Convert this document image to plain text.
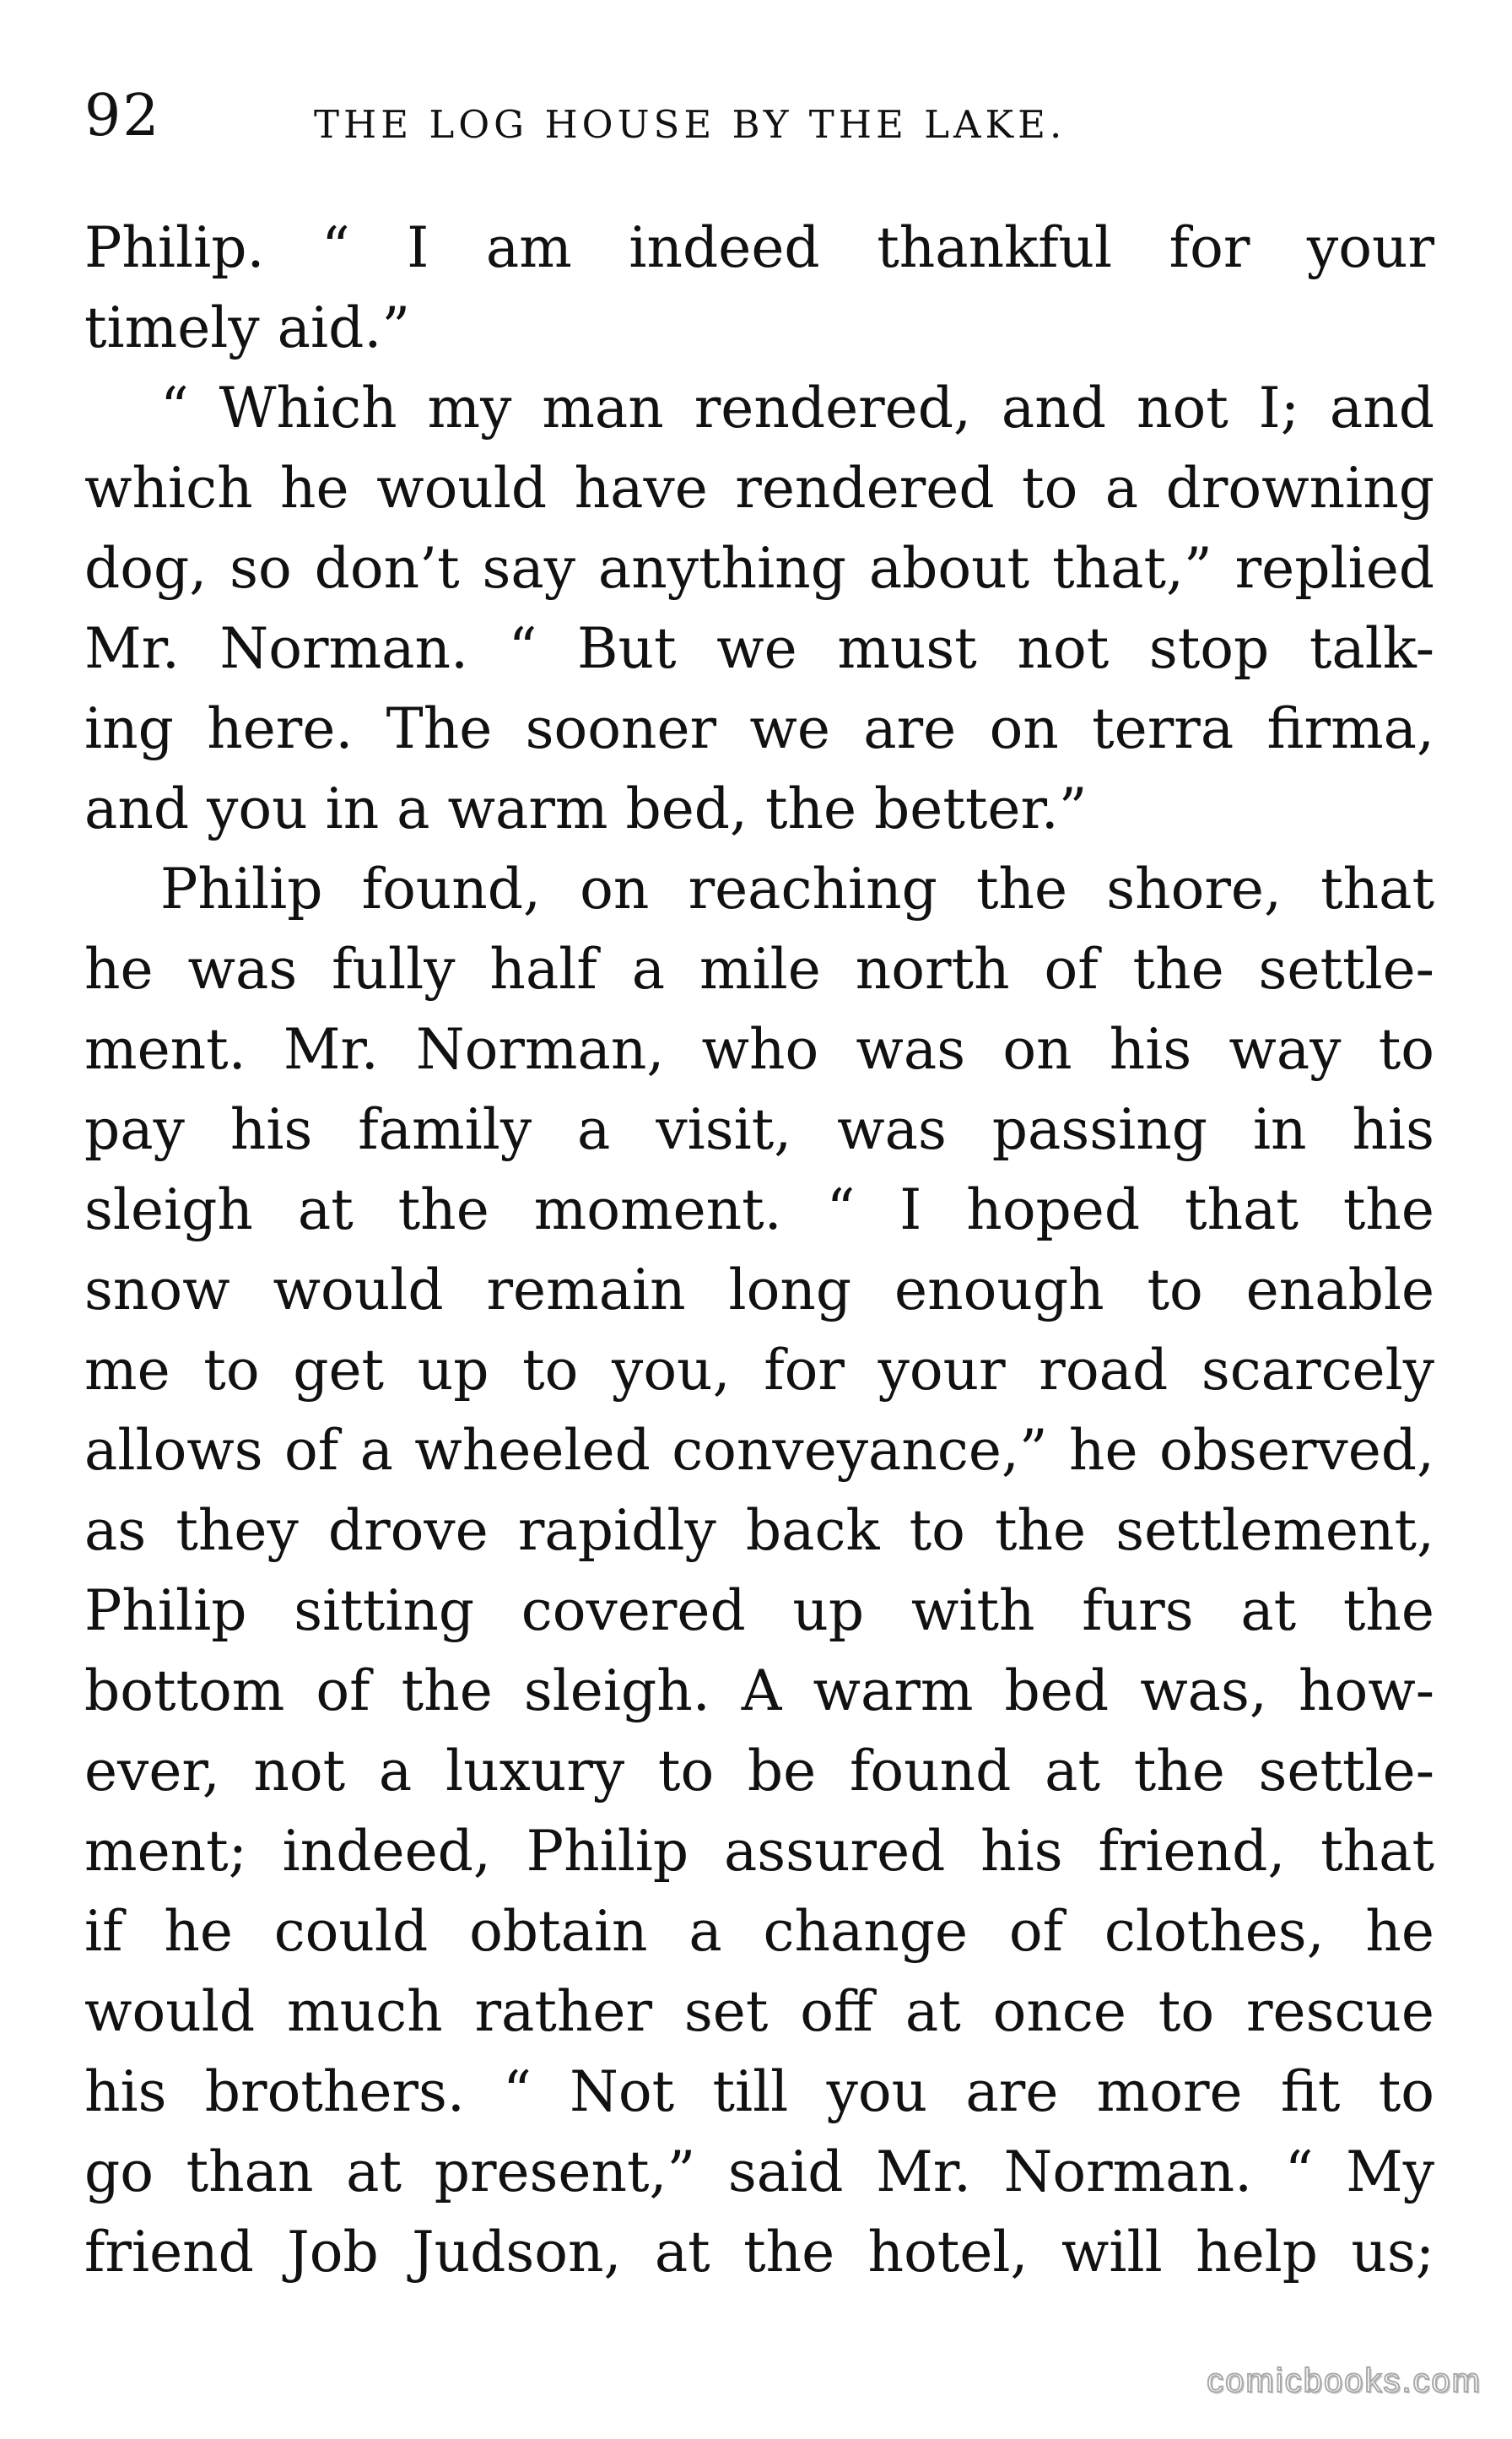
92	THE LOG HOUSE BY THE LAKE.
Philip. “ I am indeed thankful for your
timely aid.”
“ Which my man rendered, and not I; and
which he would have rendered to a drowning
dog, so don’t say anything about that,” replied
Mr. Norman. “ But we must not stop talk-
ing here. The sooner we are on terra firma,
and you in a warm bed, the better.”
Philip found, on reaching the shore, that
he was fully half a mile north of the settle-
ment. Mr. Norman, who was on his way to
pay his family a visit, was passing in his
sleigh at the moment. “ I hoped that the
snow would remain long enough to enable
me to get up to you, for your road scarcely
allows of a wheeled conveyance,” he observed,
as they drove rapidly back to the settlement,
Philip sitting covered up with furs at the
bottom of the sleigh. A warm bed was, how-
ever, not a luxury to be found at the settle-
ment; indeed, Philip assured his friend, that
if he could obtain a change of clothes, he
would much rather set off at once to rescue
his brothers. “ Not till you are more fit to
go than at present,” said Mr. Norman. “ My
friend Job Judson, at the hotel, will help us;
comicbooks.com
